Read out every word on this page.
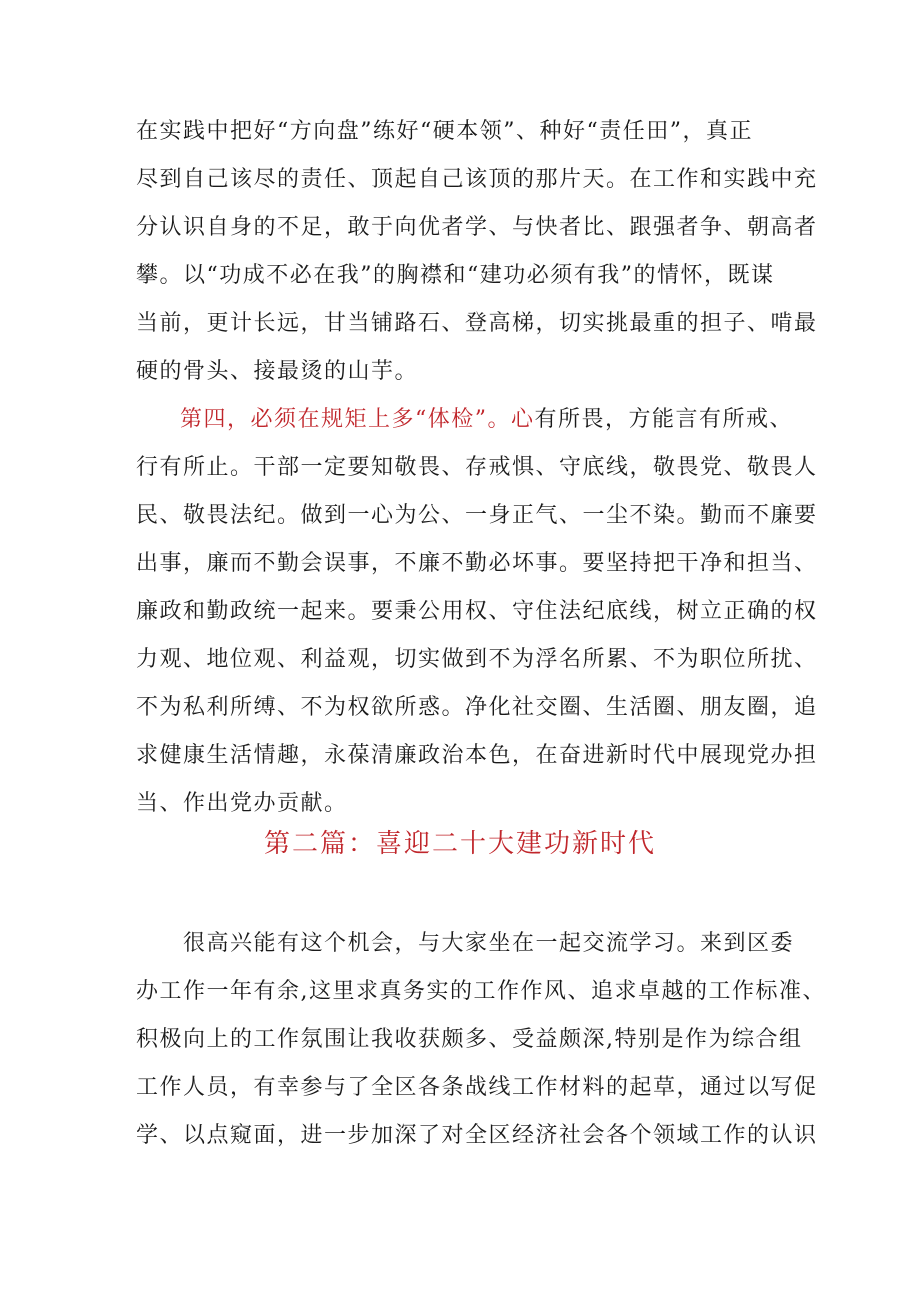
在实践中把好“方向盘”练好“硬本领”、种好“责任田”，真正
尽到自己该尽的责任、顶起自己该顶的那片天。在工作和实践中充
分认识自身的不足，敢于向优者学、与快者比、跟强者争、朝高者
攀。以“功成不必在我”的胸襟和“建功必须有我”的情怀，既谋
当前，更计长远，甘当铺路石、登高梯，切实挑最重的担子、啃最
硬的骨头、接最烫的山芋。
第四，必须在规矩上多“体检”。心有所畏，方能言有所戒、
行有所止。干部一定要知敬畏、存戒惧、守底线，敬畏党、敬畏人
民、敬畏法纪。做到一心为公、一身正气、一尘不染。勤而不廉要
出事，廉而不勤会误事，不廉不勤必坏事。要坚持把干净和担当、
廉政和勤政统一起来。要秉公用权、守住法纪底线，树立正确的权
力观、地位观、利益观，切实做到不为浮名所累、不为职位所扰、
不为私利所缚、不为权欲所惑。净化社交圈、生活圈、朋友圈，追
求健康生活情趣，永葆清廉政治本色，在奋进新时代中展现党办担
当、作出党办贡献。
第二篇：喜迎二十大建功新时代
　　很高兴能有这个机会，与大家坐在一起交流学习。来到区委
办工作一年有余,这里求真务实的工作作风、追求卓越的工作标准、
积极向上的工作氛围让我收获颇多、受益颇深,特别是作为综合组
工作人员，有幸参与了全区各条战线工作材料的起草，通过以写促
学、以点窥面，进一步加深了对全区经济社会各个领域工作的认识
